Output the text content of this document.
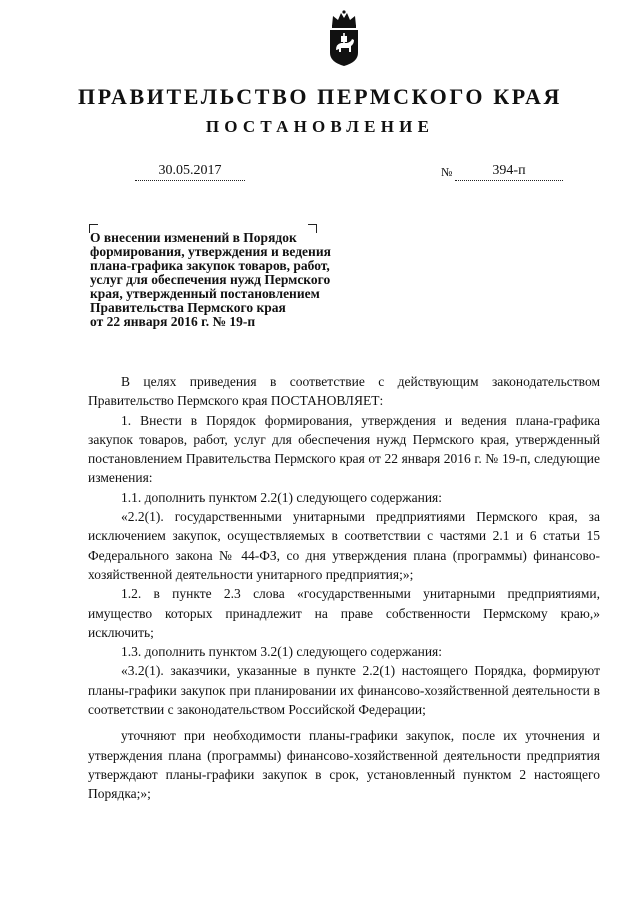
ПРАВИТЕЛЬСТВО ПЕРМСКОГО КРАЯ
ПОСТАНОВЛЕНИЕ
30.05.2017	№	394-п
О внесении изменений в Порядок
формирования, утверждения и ведения
плана-графика закупок товаров, работ,
услуг для обеспечения нужд Пермского
края, утвержденный постановлением
Правительства Пермского края
от 22 января 2016 г. № 19-п

В целях приведения в соответствие с действующим законодательством Правительство Пермского края ПОСТАНОВЛЯЕТ:

1. Внести в Порядок формирования, утверждения и ведения плана-графика закупок товаров, работ, услуг для обеспечения нужд Пермского края, утвержденный постановлением Правительства Пермского края от 22 января 2016 г. № 19-п, следующие изменения:

1.1. дополнить пунктом 2.2(1) следующего содержания:

«2.2(1). государственными унитарными предприятиями Пермского края, за исключением закупок, осуществляемых в соответствии с частями 2.1 и 6 статьи 15 Федерального закона № 44-ФЗ, со дня утверждения плана (программы) финансово-хозяйственной деятельности унитарного предприятия;»;

1.2. в пункте 2.3 слова «государственными унитарными предприятиями, имущество которых принадлежит на праве собственности Пермскому краю,» исключить;

1.3. дополнить пунктом 3.2(1) следующего содержания:

«3.2(1). заказчики, указанные в пункте 2.2(1) настоящего Порядка, формируют планы-графики закупок при планировании их финансово-хозяйственной деятельности в соответствии с законодательством Российской Федерации;

уточняют при необходимости планы-графики закупок, после их уточнения и утверждения плана (программы) финансово-хозяйственной деятельности предприятия утверждают планы-графики закупок в срок, установленный пунктом 2 настоящего Порядка;»;
